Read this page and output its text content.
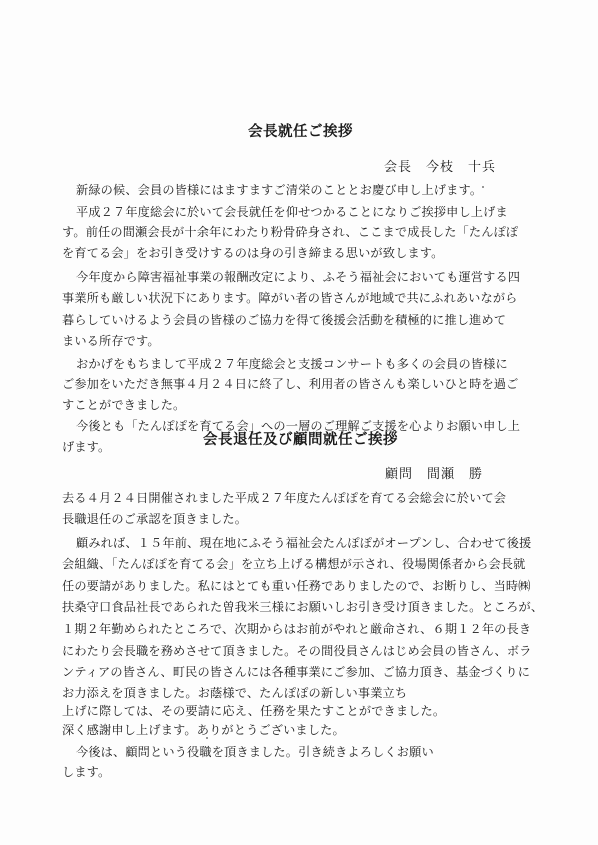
会長就任ご挨拶
会長　今枝　十兵
新緑の候、会員の皆様にはますますご清栄のこととお慶び申し上げます。
平成２７年度総会に於いて会長就任を仰せつかることになりご挨拶申し上げま
す。前任の間瀬会長が十余年にわたり粉骨砕身され、ここまで成長した「たんぽぽ
を育てる会」をお引き受けするのは身の引き締まる思いが致します。
今年度から障害福祉事業の報酬改定により、ふそう福祉会においても運営する四
事業所も厳しい状況下にあります。障がい者の皆さんが地域で共にふれあいながら
暮らしていけるよう会員の皆様のご協力を得て後援会活動を積極的に推し進めて
まいる所存です。
おかげをもちまして平成２７年度総会と支援コンサートも多くの会員の皆様に
ご参加をいただき無事４月２４日に終了し、利用者の皆さんも楽しいひと時を過ご
すことができました。
今後とも「たんぽぽを育てる会」への一層のご理解ご支援を心よりお願い申し上
げます。	会長退任及び顧問就任ご挨拶
顧問　間瀬　勝
去る４月２４日開催されました平成２７年度たんぽぽを育てる会総会に於いて会
長職退任のご承認を頂きました。
顧みれば、１５年前、現在地にふそう福祉会たんぽぽがオープンし、合わせて後援
会組織、「たんぽぽを育てる会」を立ち上げる構想が示され、役場関係者から会長就
任の要請がありました。私にはとても重い任務でありましたので、お断りし、当時㈱
扶桑守口食品社長であられた曽我米三様にお願いしお引き受け頂きました。ところが、
１期２年勤められたところで、次期からはお前がやれと厳命され、６期１２年の長き
にわたり会長職を務めさせて頂きました。その間役員さんはじめ会員の皆さん、ボラ
ンティアの皆さん、町民の皆さんには各種事業にご参加、ご協力頂き、基金づくりに
お力添えを頂きました。お蔭様で、たんぽぽの新しい事業立ち
上げに際しては、その要請に応え、任務を果たすことができました。
深く感謝申し上げます。ありがとうございました。
今後は、顧問という役職を頂きました。引き続きよろしくお願い
します。
